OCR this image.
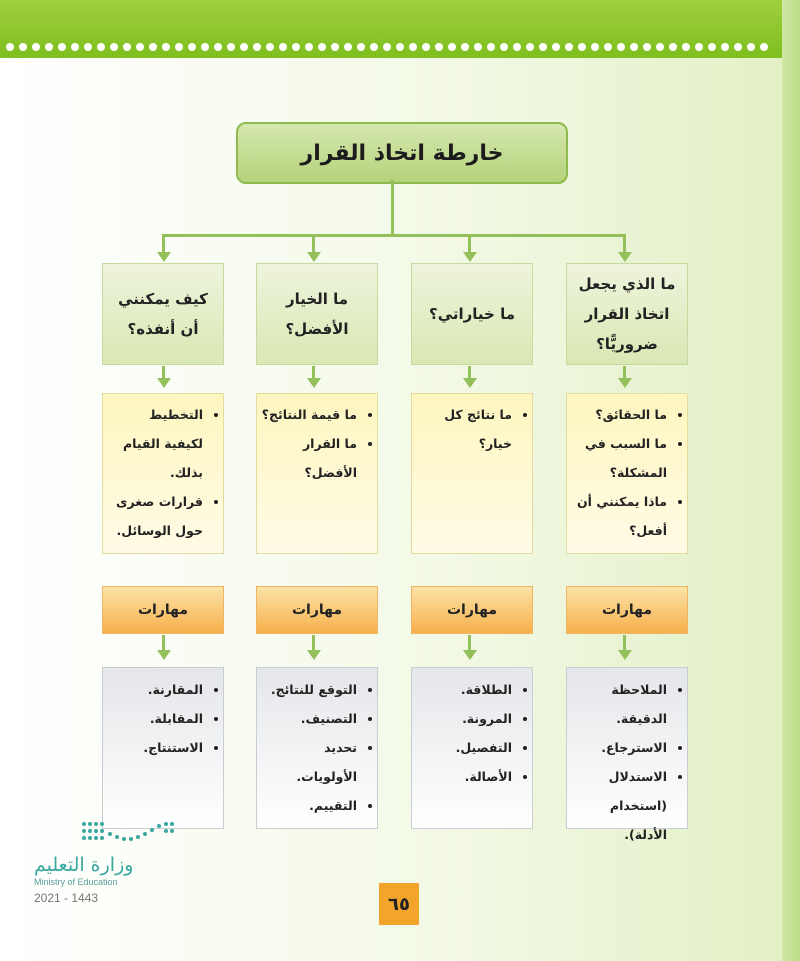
خارطة اتخاذ القرار
ما الذي يجعل اتخاذ القرار ضروريًّا؟
• ما الحقائق؟
• ما السبب في المشكلة؟
• ماذا يمكنني أن أفعل؟
مهارات
• الملاحظة الدقيقة.
• الاسترجاع.
• الاستدلال (استخدام الأدلة).
ما خياراتي؟
• ما نتائج كل خيار؟
مهارات
• الطلاقة.
• المرونة.
• التفصيل.
• الأصالة.
ما الخيار الأفضل؟
• ما قيمة النتائج؟
• ما القرار الأفضل؟
مهارات
• التوقع للنتائج.
• التصنيف.
• تحديد الأولويات.
• التقييم.
كيف يمكنني أن أنفذه؟
• التخطيط لكيفية القيام بذلك.
• قرارات صغرى حول الوسائل.
مهارات
• المقارنة.
• المقابلة.
• الاستنتاج.
وزارة التعليم
Ministry of Education
2021 - 1443	٦٥
